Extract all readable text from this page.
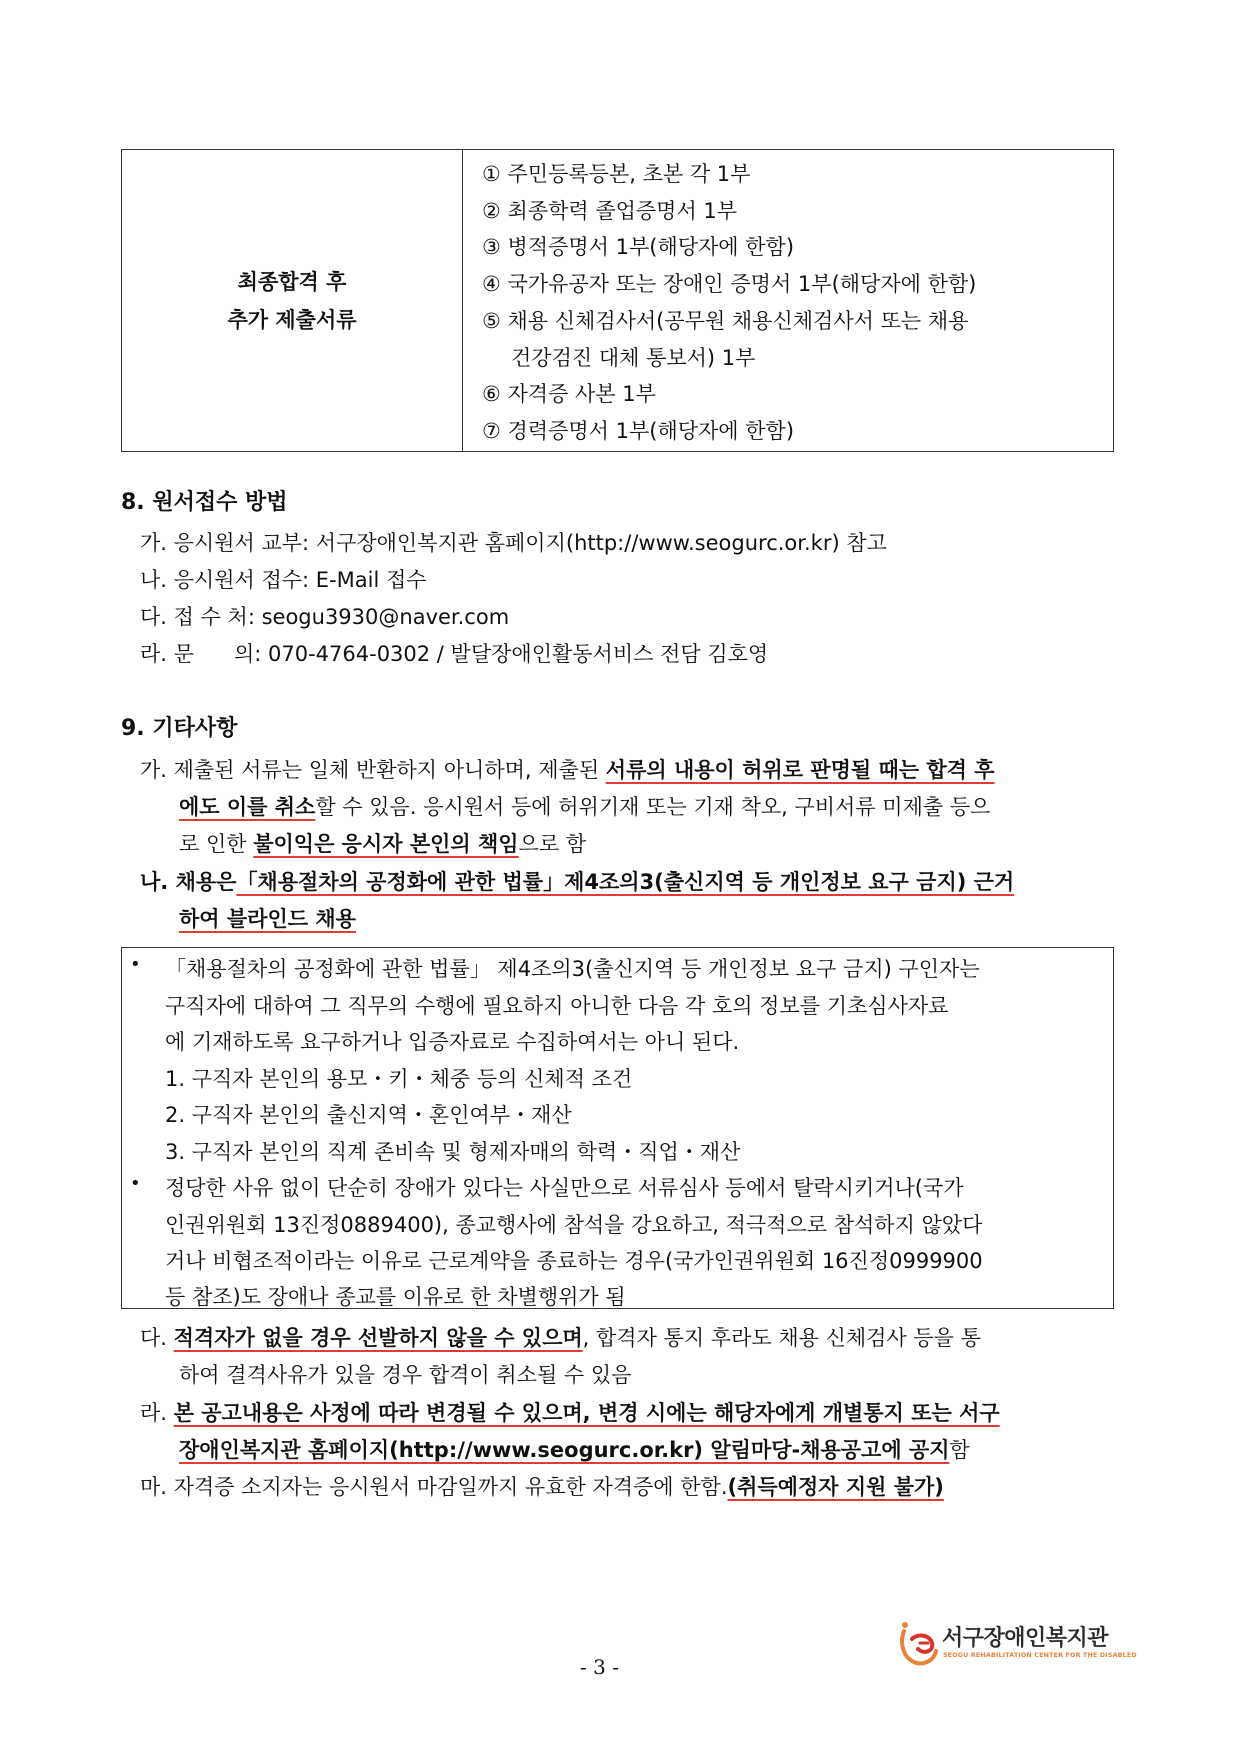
최종합격 후
추가 제출서류
① 주민등록등본, 초본 각 1부
② 최종학력 졸업증명서 1부
③ 병적증명서 1부(해당자에 한함)
④ 국가유공자 또는 장애인 증명서 1부(해당자에 한함)
⑤ 채용 신체검사서(공무원 채용신체검사서 또는 채용
건강검진 대체 통보서) 1부
⑥ 자격증 사본 1부
⑦ 경력증명서 1부(해당자에 한함)
8. 원서접수 방법
가. 응시원서 교부: 서구장애인복지관 홈페이지(http://www.seogurc.or.kr) 참고
나. 응시원서 접수: E-Mail 접수
다. 접 수 처: seogu3930@naver.com
라. 문      의: 070-4764-0302 / 발달장애인활동서비스 전담 김호영
9. 기타사항
가. 제출된 서류는 일체 반환하지 아니하며, 제출된 서류의 내용이 허위로 판명될 때는 합격 후
에도 이를 취소할 수 있음. 응시원서 등에 허위기재 또는 기재 착오, 구비서류 미제출 등으
로 인한 불이익은 응시자 본인의 책임으로 함
나. 채용은「채용절차의 공정화에 관한 법률」제4조의3(출신지역 등 개인정보 요구 금지) 근거
하여 블라인드 채용
• 「채용절차의 공정화에 관한 법률」 제4조의3(출신지역 등 개인정보 요구 금지) 구인자는
구직자에 대하여 그 직무의 수행에 필요하지 아니한 다음 각 호의 정보를 기초심사자료
에 기재하도록 요구하거나 입증자료로 수집하여서는 아니 된다.
1. 구직자 본인의 용모・키・체중 등의 신체적 조건
2. 구직자 본인의 출신지역・혼인여부・재산
3. 구직자 본인의 직계 존비속 및 형제자매의 학력・직업・재산
• 정당한 사유 없이 단순히 장애가 있다는 사실만으로 서류심사 등에서 탈락시키거나(국가
인권위원회 13진정0889400), 종교행사에 참석을 강요하고, 적극적으로 참석하지 않았다
거나 비협조적이라는 이유로 근로계약을 종료하는 경우(국가인권위원회 16진정0999900
등 참조)도 장애나 종교를 이유로 한 차별행위가 됨
다. 적격자가 없을 경우 선발하지 않을 수 있으며, 합격자 통지 후라도 채용 신체검사 등을 통
하여 결격사유가 있을 경우 합격이 취소될 수 있음
라. 본 공고내용은 사정에 따라 변경될 수 있으며, 변경 시에는 해당자에게 개별통지 또는 서구
장애인복지관 홈페이지(http://www.seogurc.or.kr) 알림마당-채용공고에 공지함
마. 자격증 소지자는 응시원서 마감일까지 유효한 자격증에 한함.(취득예정자 지원 불가)
- 3 -
서구장애인복지관
SEOGU REHABILITATION CENTER FOR THE DISABLED
